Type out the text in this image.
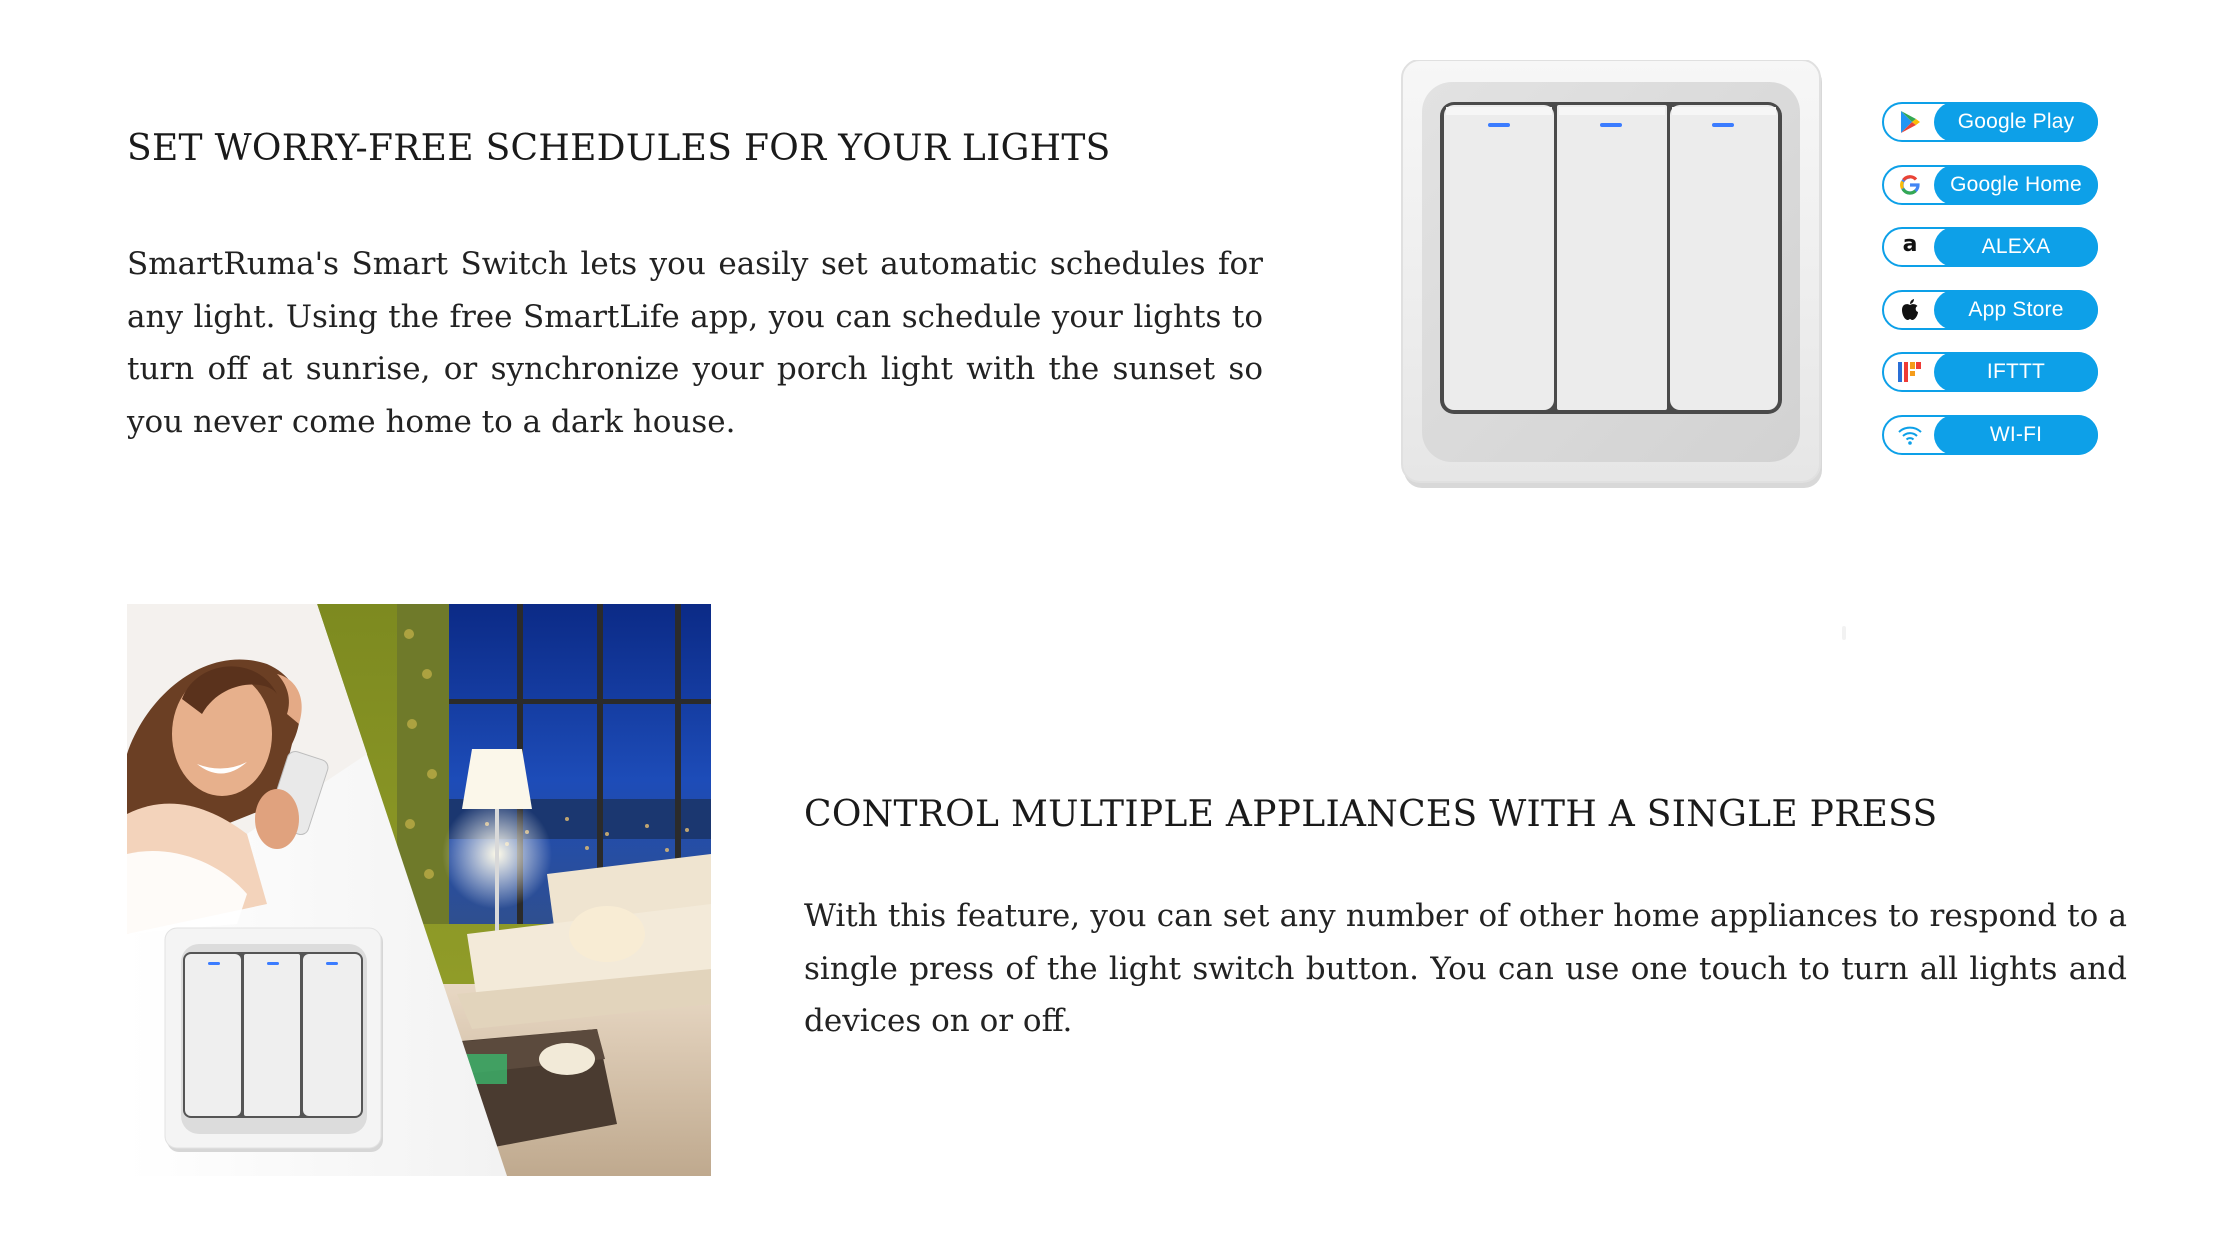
SET WORRY-FREE SCHEDULES FOR YOUR LIGHTS

SmartRuma's Smart Switch lets you easily set automatic schedules for any light. Using the free SmartLife app, you can schedule your lights to turn off at sunrise, or synchronize your porch light with the sunset so you never come home to a dark house.

Google Play
Google Home
a	ALEXA
App Store
IFTTT
WI-FI
CONTROL MULTIPLE APPLIANCES WITH A SINGLE PRESS

With this feature, you can set any number of other home appliances to respond to a single press of the light switch button. You can use one touch to turn all lights and devices on or off.
